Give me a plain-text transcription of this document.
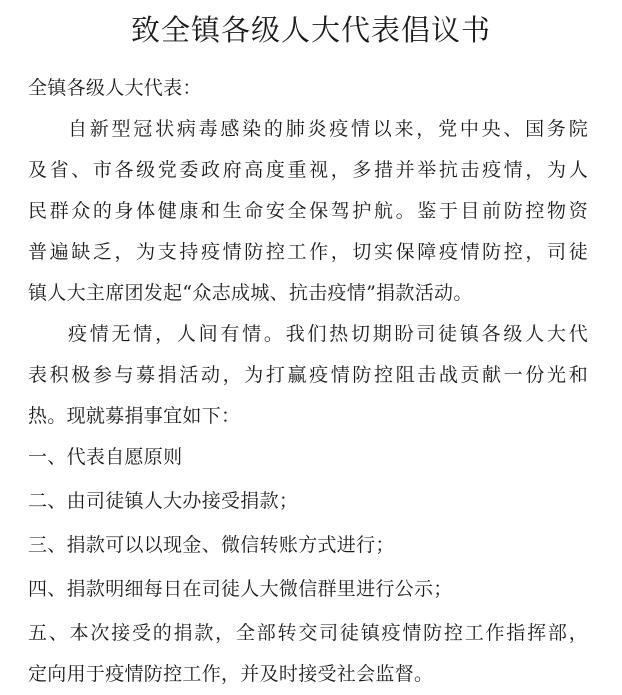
致全镇各级人大代表倡议书
全镇各级人大代表：
自新型冠状病毒感染的肺炎疫情以来，党中央、国务院
及省、市各级党委政府高度重视，多措并举抗击疫情，为人
民群众的身体健康和生命安全保驾护航。鉴于目前防控物资
普遍缺乏，为支持疫情防控工作，切实保障疫情防控，司徒
镇人大主席团发起“众志成城、抗击疫情”捐款活动。
疫情无情，人间有情。我们热切期盼司徒镇各级人大代
表积极参与募捐活动，为打赢疫情防控阻击战贡献一份光和
热。现就募捐事宜如下：
一、代表自愿原则
二、由司徒镇人大办接受捐款；
三、捐款可以以现金、微信转账方式进行；
四、捐款明细每日在司徒人大微信群里进行公示；
五、本次接受的捐款，全部转交司徒镇疫情防控工作指挥部，
定向用于疫情防控工作，并及时接受社会监督。
